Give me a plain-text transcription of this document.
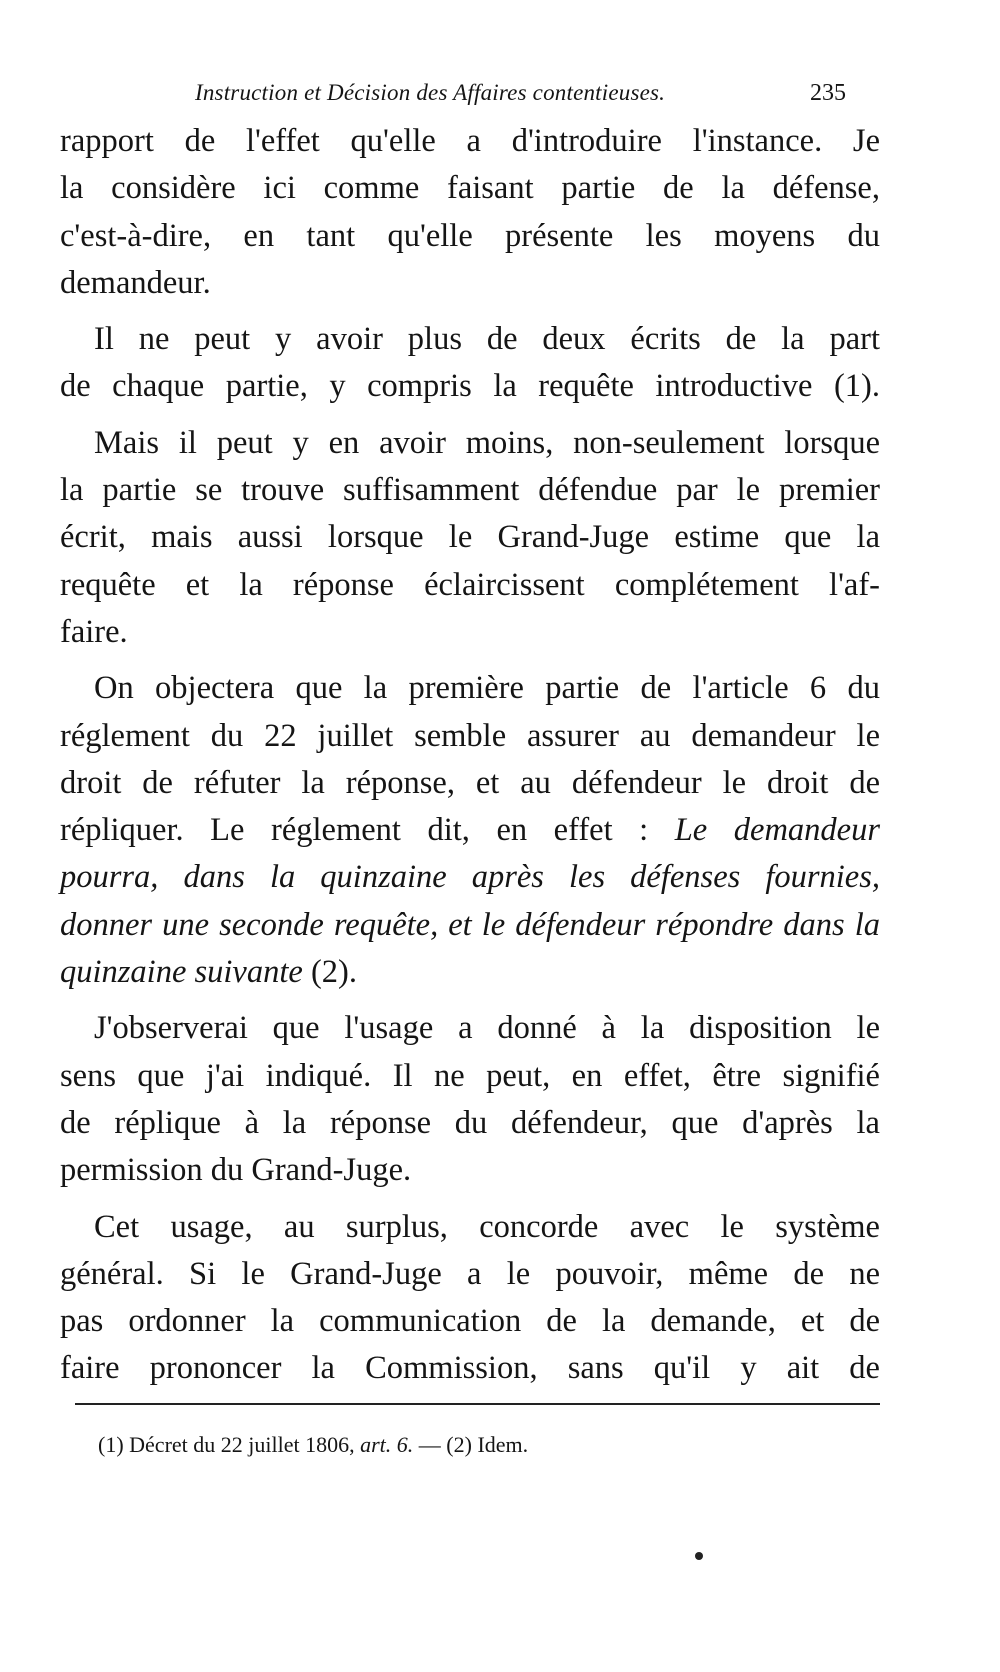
Instruction et Décision des Affaires contentieuses.	235
rapport de l'effet qu'elle a d'introduire l'instance. Je
la considère ici comme faisant partie de la défense,
c'est-à-dire, en tant qu'elle présente les moyens du
demandeur.
Il ne peut y avoir plus de deux écrits de la part
de chaque partie, y compris la requête introductive (1).
Mais il peut y en avoir moins, non-seulement lorsque
la partie se trouve suffisamment défendue par le premier
écrit, mais aussi lorsque le Grand-Juge estime que la
requête et la réponse éclaircissent complétement l'af-
faire.
On objectera que la première partie de l'article 6 du
réglement du 22 juillet semble assurer au demandeur le
droit de réfuter la réponse, et au défendeur le droit de
répliquer. Le réglement dit, en effet : Le demandeur
pourra, dans la quinzaine après les défenses fournies,
donner une seconde requête, et le défendeur répondre dans la
quinzaine suivante (2).
J'observerai que l'usage a donné à la disposition le
sens que j'ai indiqué. Il ne peut, en effet, être signifié
de réplique à la réponse du défendeur, que d'après la
permission du Grand-Juge.
Cet usage, au surplus, concorde avec le système
général. Si le Grand-Juge a le pouvoir, même de ne
pas ordonner la communication de la demande, et de
faire prononcer la Commission, sans qu'il y ait de
(1) Décret du 22 juillet 1806, art. 6. — (2) Idem.
